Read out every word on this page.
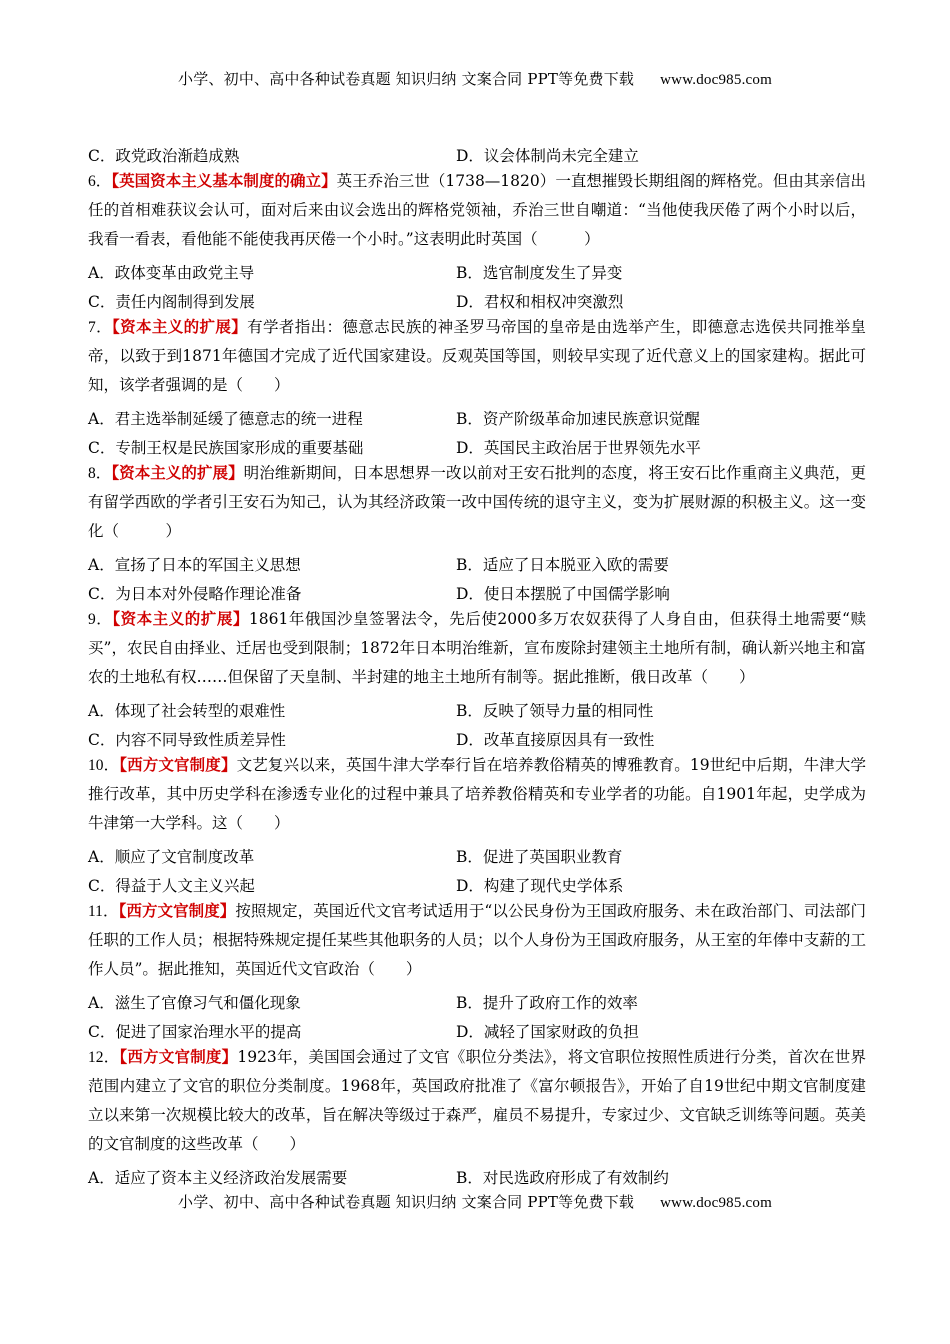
小学、初中、高中各种试卷真题 知识归纳 文案合同 PPT等免费下载 www.doc985.com
C．政党政治渐趋成熟	D．议会体制尚未完全建立
6．【英国资本主义基本制度的确立】英王乔治三世（1738—1820）一直想摧毁长期组阁的辉格党。但由其亲信出任的首相难获议会认可，面对后来由议会选出的辉格党领袖，乔治三世自嘲道：“当他使我厌倦了两个小时以后，我看一看表，看他能不能使我再厌倦一个小时。”这表明此时英国（　　　）
A．政体变革由政党主导	B．选官制度发生了异变
C．责任内阁制得到发展	D．君权和相权冲突激烈
7．【资本主义的扩展】有学者指出：德意志民族的神圣罗马帝国的皇帝是由选举产生，即德意志选侯共同推举皇帝，以致于到1871年德国才完成了近代国家建设。反观英国等国，则较早实现了近代意义上的国家建构。据此可知，该学者强调的是（　　）
A．君主选举制延缓了德意志的统一进程	B．资产阶级革命加速民族意识觉醒
C．专制王权是民族国家形成的重要基础	D．英国民主政治居于世界领先水平
8．【资本主义的扩展】明治维新期间，日本思想界一改以前对王安石批判的态度，将王安石比作重商主义典范，更有留学西欧的学者引王安石为知己，认为其经济政策一改中国传统的退守主义，变为扩展财源的积极主义。这一变化（　　　）
A．宣扬了日本的军国主义思想	B．适应了日本脱亚入欧的需要
C．为日本对外侵略作理论准备	D．使日本摆脱了中国儒学影响
9．【资本主义的扩展】1861年俄国沙皇签署法令，先后使2000多万农奴获得了人身自由，但获得土地需要“赎买”，农民自由择业、迁居也受到限制；1872年日本明治维新，宣布废除封建领主土地所有制，确认新兴地主和富农的土地私有权……但保留了天皇制、半封建的地主土地所有制等。据此推断，俄日改革（　　）
A．体现了社会转型的艰难性	B．反映了领导力量的相同性
C．内容不同导致性质差异性	D．改革直接原因具有一致性
10．【西方文官制度】文艺复兴以来，英国牛津大学奉行旨在培养教俗精英的博雅教育。19世纪中后期，牛津大学推行改革，其中历史学科在渗透专业化的过程中兼具了培养教俗精英和专业学者的功能。自1901年起，史学成为牛津第一大学科。这（　　）
A．顺应了文官制度改革	B．促进了英国职业教育
C．得益于人文主义兴起	D．构建了现代史学体系
11．【西方文官制度】按照规定，英国近代文官考试适用于“以公民身份为王国政府服务、未在政治部门、司法部门任职的工作人员；根据特殊规定提任某些其他职务的人员；以个人身份为王国政府服务，从王室的年俸中支薪的工作人员”。据此推知，英国近代文官政治（　　）
A．滋生了官僚习气和僵化现象	B．提升了政府工作的效率
C．促进了国家治理水平的提高	D．减轻了国家财政的负担
12．【西方文官制度】1923年，美国国会通过了文官《职位分类法》，将文官职位按照性质进行分类，首次在世界范围内建立了文官的职位分类制度。1968年，英国政府批准了《富尔顿报告》，开始了自19世纪中期文官制度建立以来第一次规模比较大的改革，旨在解决等级过于森严，雇员不易提升，专家过少、文官缺乏训练等问题。英美的文官制度的这些改革（　　）
A．适应了资本主义经济政治发展需要	B．对民选政府形成了有效制约
小学、初中、高中各种试卷真题 知识归纳 文案合同 PPT等免费下载 www.doc985.com
